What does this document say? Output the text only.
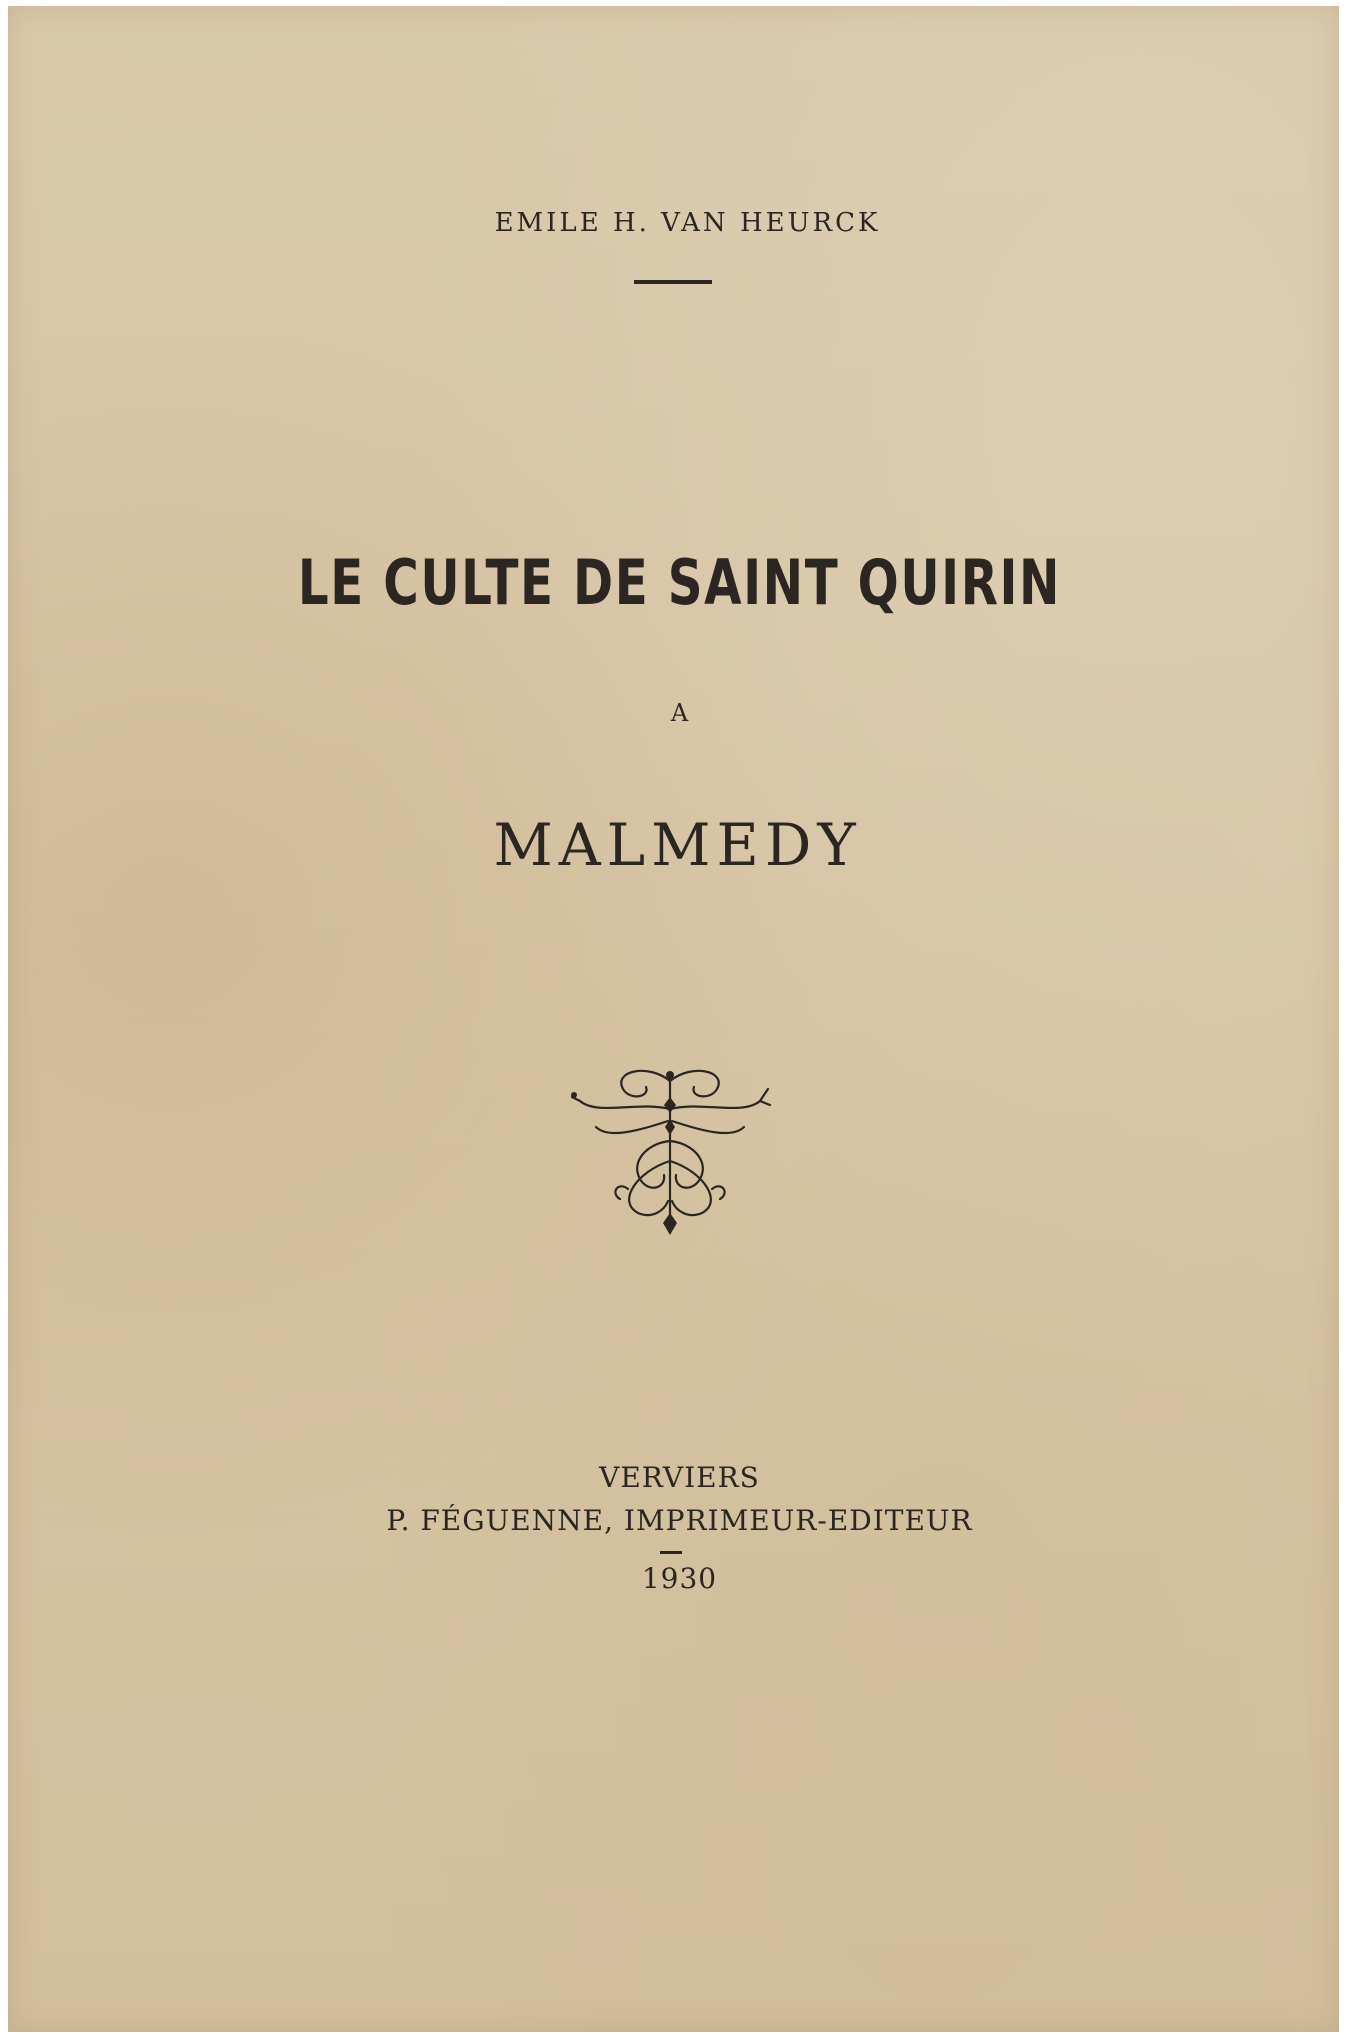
EMILE H. VAN HEURCK
LE CULTE DE SAINT QUIRIN
A
MALMEDY
VERVIERS
P. FÉGUENNE, IMPRIMEUR-EDITEUR
1930
